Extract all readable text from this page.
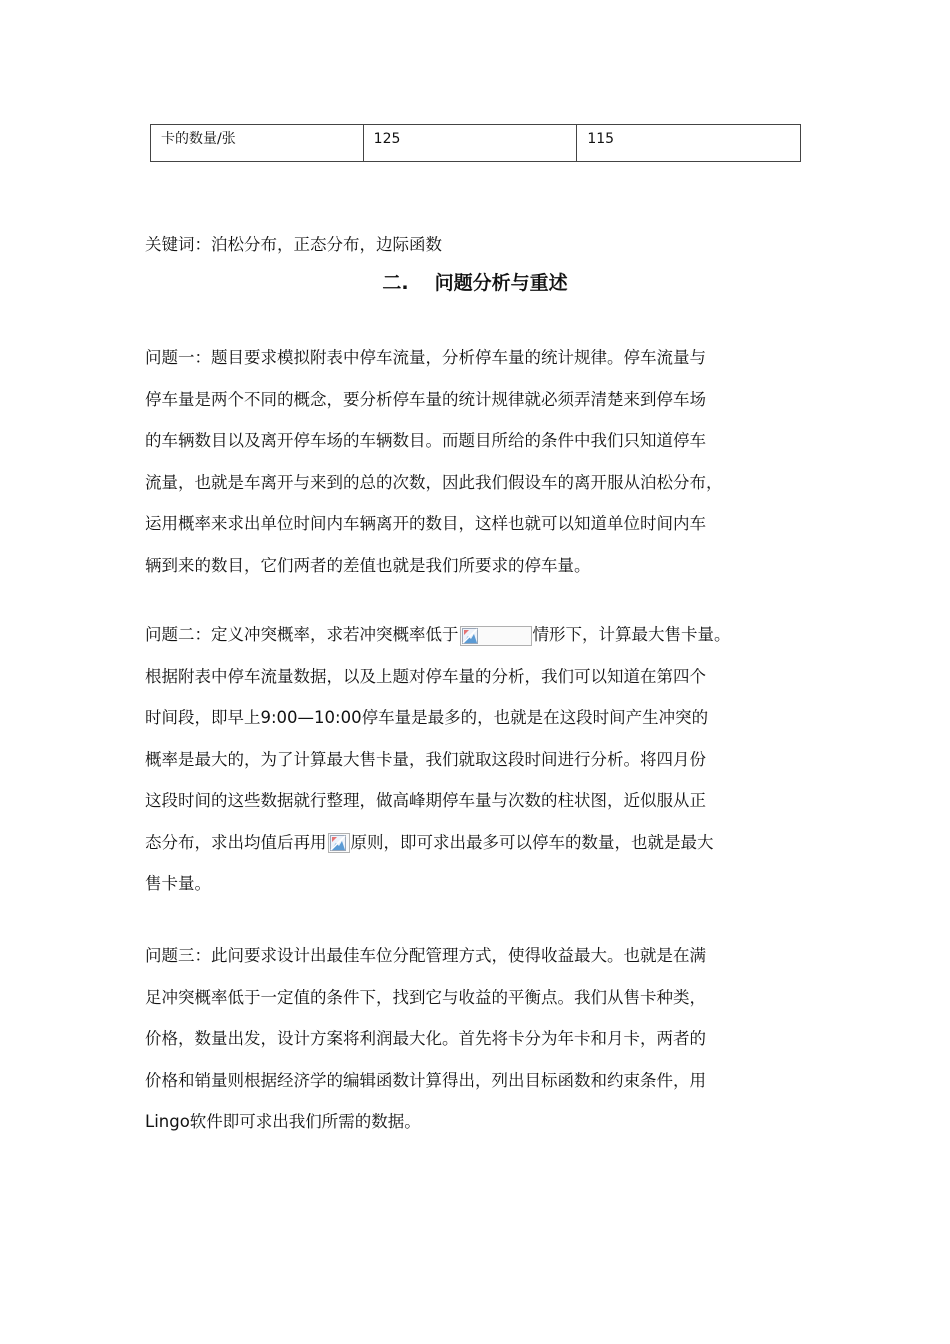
卡的数量/张	125	115
关键词：泊松分布，正态分布，边际函数
二. 问题分析与重述
问题一：题目要求模拟附表中停车流量，分析停车量的统计规律。停车流量与
停车量是两个不同的概念，要分析停车量的统计规律就必须弄清楚来到停车场
的车辆数目以及离开停车场的车辆数目。而题目所给的条件中我们只知道停车
流量，也就是车离开与来到的总的次数，因此我们假设车的离开服从泊松分布，
运用概率来求出单位时间内车辆离开的数目，这样也就可以知道单位时间内车
辆到来的数目，它们两者的差值也就是我们所要求的停车量。
问题二：定义冲突概率，求若冲突概率低于	情形下，计算最大售卡量。
根据附表中停车流量数据，以及上题对停车量的分析，我们可以知道在第四个
时间段，即早上9:00—10:00停车量是最多的，也就是在这段时间产生冲突的
概率是最大的，为了计算最大售卡量，我们就取这段时间进行分析。将四月份
这段时间的这些数据就行整理，做高峰期停车量与次数的柱状图，近似服从正
态分布，求出均值后再用 原则，即可求出最多可以停车的数量，也就是最大
售卡量。
问题三：此问要求设计出最佳车位分配管理方式，使得收益最大。也就是在满
足冲突概率低于一定值的条件下，找到它与收益的平衡点。我们从售卡种类，
价格，数量出发，设计方案将利润最大化。首先将卡分为年卡和月卡，两者的
价格和销量则根据经济学的编辑函数计算得出，列出目标函数和约束条件，用
Lingo软件即可求出我们所需的数据。
